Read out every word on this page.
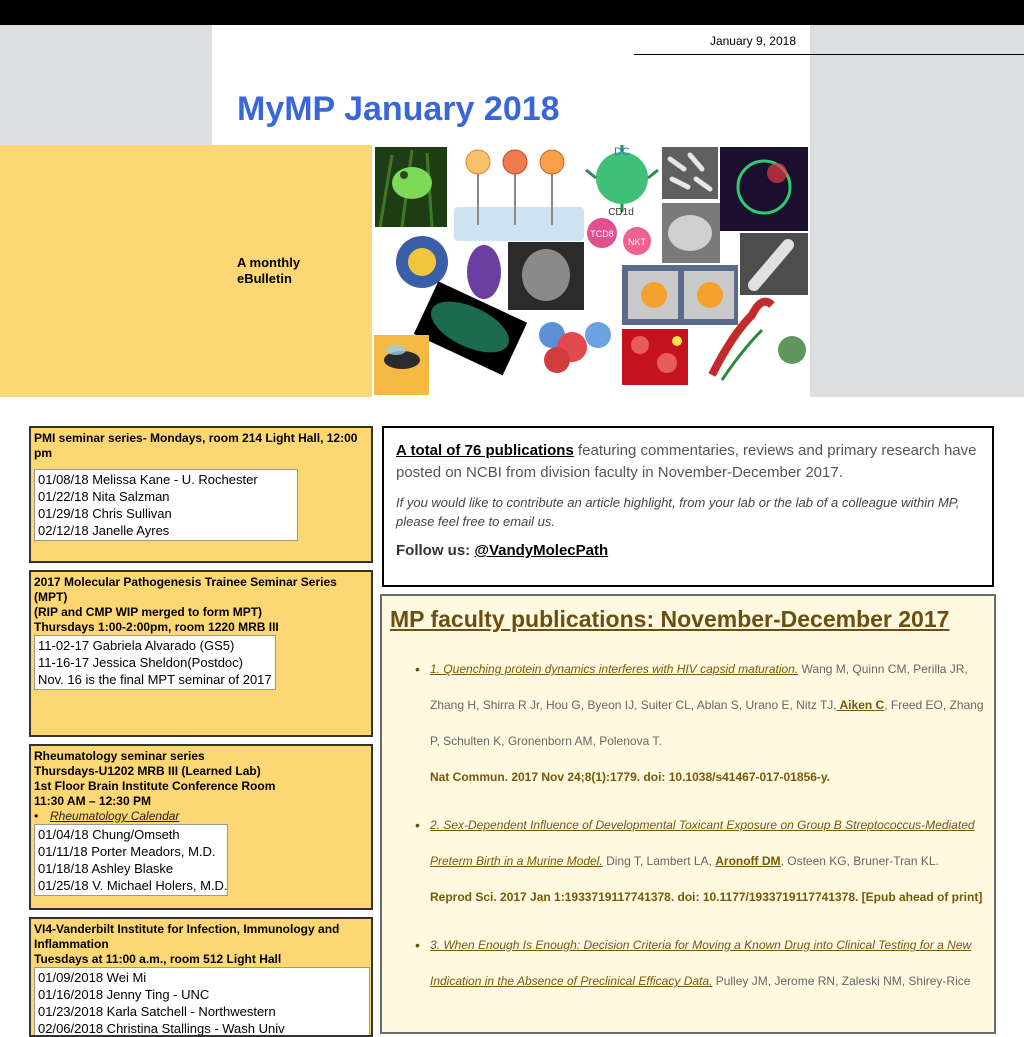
January 9, 2018
MyMP January 2018
A monthly
eBulletin
DC
TCD8
NKT
CD1d
PMI seminar series- Mondays, room 214 Light Hall, 12:00 pm
01/08/18 Melissa Kane - U. Rochester
01/22/18 Nita Salzman
01/29/18 Chris Sullivan
02/12/18 Janelle Ayres
2017 Molecular Pathogenesis Trainee Seminar Series (MPT)
(RIP and CMP WIP merged to form MPT)
Thursdays 1:00-2:00pm, room 1220 MRB III
11-02-17 Gabriela Alvarado (GS5)
11-16-17 Jessica Sheldon(Postdoc)
Nov. 16 is the final MPT seminar of 2017
Rheumatology seminar series
Thursdays-U1202 MRB III (Learned Lab)
1st Floor Brain Institute Conference Room
11:30 AM – 12:30 PM
• Rheumatology Calendar
01/04/18 Chung/Omseth
01/11/18 Porter Meadors, M.D.
01/18/18 Ashley Blaske
01/25/18 V. Michael Holers, M.D.
VI4-Vanderbilt Institute for Infection, Immunology and Inflammation
Tuesdays at 11:00 a.m., room 512 Light Hall
01/09/2018 Wei Mi
01/16/2018 Jenny Ting - UNC
01/23/2018 Karla Satchell - Northwestern
02/06/2018 Christina Stallings - Wash Univ

A total of 76 publications featuring commentaries, reviews and primary research have posted on NCBI from division faculty in November-December 2017.

If you would like to contribute an article highlight, from your lab or the lab of a colleague within MP, please feel free to email us.

Follow us: @VandyMolecPath

MP faculty publications: November-December 2017
• 1. Quenching protein dynamics interferes with HIV capsid maturation. Wang M, Quinn CM, Perilla JR, Zhang H, Shirra R Jr, Hou G, Byeon IJ, Suiter CL, Ablan S, Urano E, Nitz TJ, Aiken C, Freed EO, Zhang P, Schulten K, Gronenborn AM, Polenova T.
Nat Commun. 2017 Nov 24;8(1):1779. doi: 10.1038/s41467-017-01856-y.
• 2. Sex-Dependent Influence of Developmental Toxicant Exposure on Group B Streptococcus-Mediated Preterm Birth in a Murine Model. Ding T, Lambert LA, Aronoff DM, Osteen KG, Bruner-Tran KL.
Reprod Sci. 2017 Jan 1:1933719117741378. doi: 10.1177/1933719117741378. [Epub ahead of print]
• 3. When Enough Is Enough: Decision Criteria for Moving a Known Drug into Clinical Testing for a New Indication in the Absence of Preclinical Efficacy Data. Pulley JM, Jerome RN, Zaleski NM, Shirey-Rice
